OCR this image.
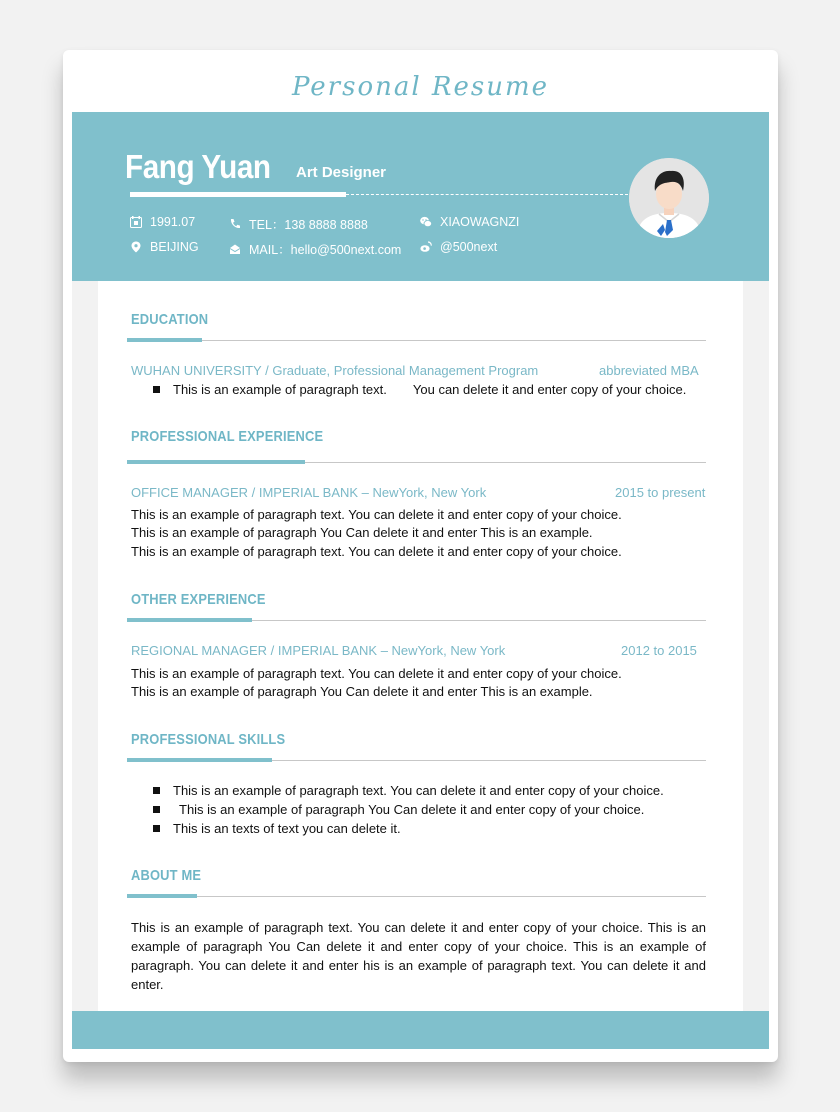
Personal Resume
Fang Yuan Art Designer
1991.07	TEL：138 8888 8888	XIAOWAGNZI
BEIJING	MAIL：hello@500next.com	@500next
EDUCATION
WUHAN UNIVERSITY / Graduate, Professional Management Program	abbreviated MBA
This is an example of paragraph text. You can delete it and enter copy of your choice.
PROFESSIONAL EXPERIENCE
OFFICE MANAGER / IMPERIAL BANK – NewYork, New York	2015 to present
This is an example of paragraph text. You can delete it and enter copy of your choice.
This is an example of paragraph You Can delete it and enter This is an example.
This is an example of paragraph text. You can delete it and enter copy of your choice.
OTHER EXPERIENCE
REGIONAL MANAGER / IMPERIAL BANK – NewYork, New York	2012 to 2015
This is an example of paragraph text. You can delete it and enter copy of your choice.
This is an example of paragraph You Can delete it and enter This is an example.
PROFESSIONAL SKILLS
This is an example of paragraph text. You can delete it and enter copy of your choice.
This is an example of paragraph You Can delete it and enter copy of your choice.
This is an texts of text you can delete it.
ABOUT ME
This is an example of paragraph text. You can delete it and enter copy of your choice. This is an example of paragraph You Can delete it and enter copy of your choice. This is an example of paragraph. You can delete it and enter his is an example of paragraph text. You can delete it and enter.
